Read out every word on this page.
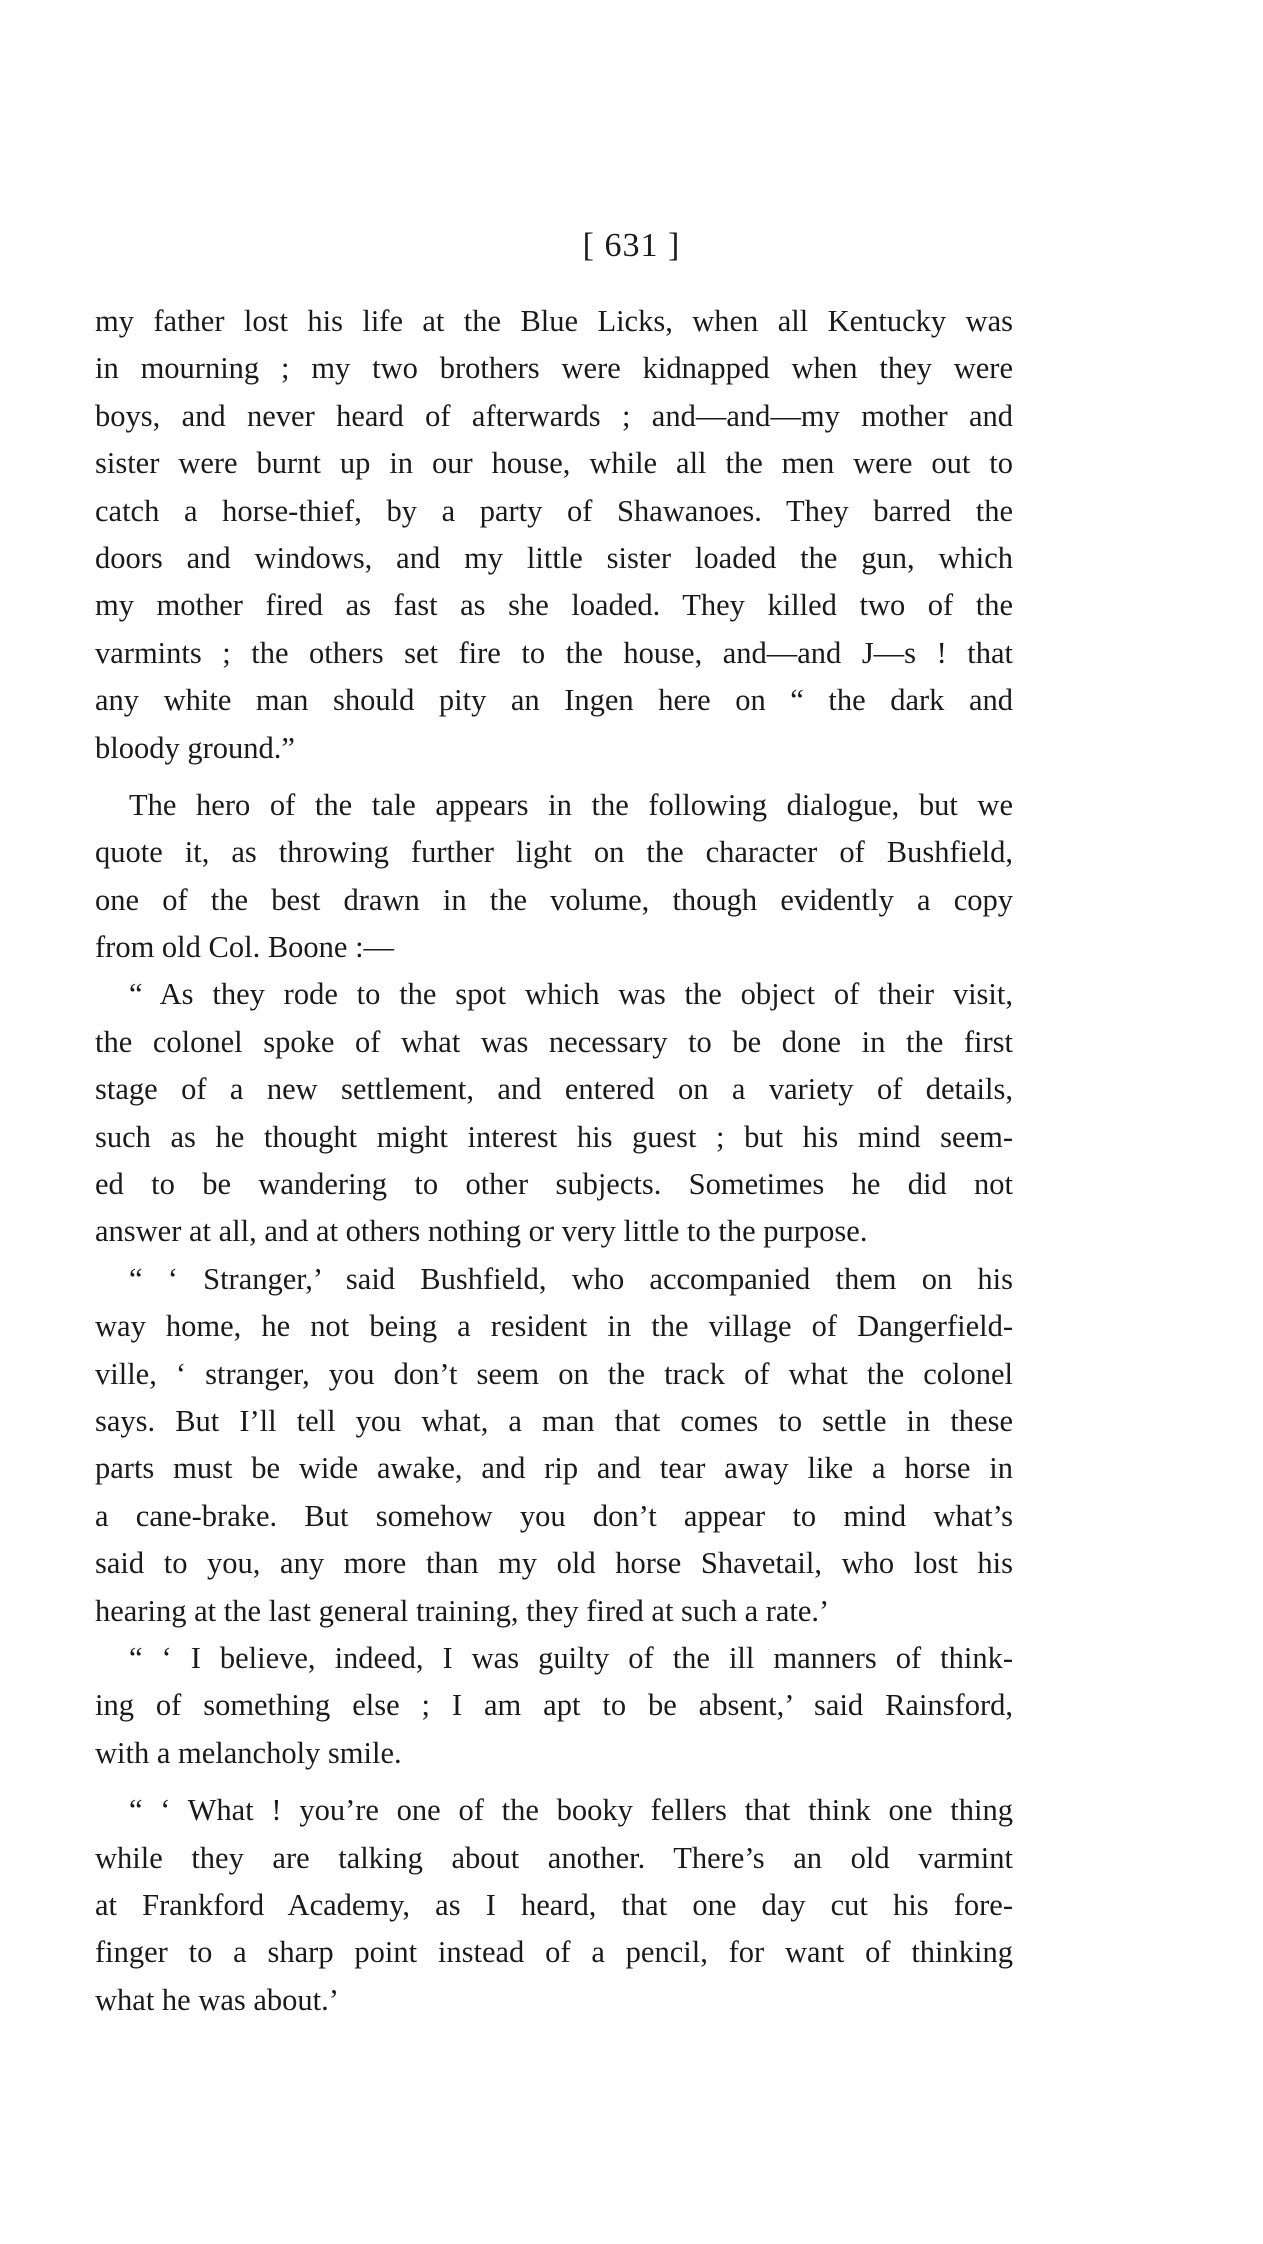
[ 631 ]
my father lost his life at the Blue Licks, when all Kentucky was
in mourning ; my two brothers were kidnapped when they were
boys, and never heard of afterwards ; and—and—my mother and
sister were burnt up in our house, while all the men were out to
catch a horse-thief, by a party of Shawanoes. They barred the
doors and windows, and my little sister loaded the gun, which
my mother fired as fast as she loaded. They killed two of the
varmints ; the others set fire to the house, and—and J—s ! that
any white man should pity an Ingen here on “ the dark and
bloody ground.”
The hero of the tale appears in the following dialogue, but we
quote it, as throwing further light on the character of Bushfield,
one of the best drawn in the volume, though evidently a copy
from old Col. Boone :—
“ As they rode to the spot which was the object of their visit,
the colonel spoke of what was necessary to be done in the first
stage of a new settlement, and entered on a variety of details,
such as he thought might interest his guest ; but his mind seem-
ed to be wandering to other subjects. Sometimes he did not
answer at all, and at others nothing or very little to the purpose.
“ ‘ Stranger,’ said Bushfield, who accompanied them on his
way home, he not being a resident in the village of Dangerfield-
ville, ‘ stranger, you don’t seem on the track of what the colonel
says. But I’ll tell you what, a man that comes to settle in these
parts must be wide awake, and rip and tear away like a horse in
a cane-brake. But somehow you don’t appear to mind what’s
said to you, any more than my old horse Shavetail, who lost his
hearing at the last general training, they fired at such a rate.’
“ ‘ I believe, indeed, I was guilty of the ill manners of think-
ing of something else ; I am apt to be absent,’ said Rainsford,
with a melancholy smile.
“ ‘ What ! you’re one of the booky fellers that think one thing
while they are talking about another. There’s an old varmint
at Frankford Academy, as I heard, that one day cut his fore-
finger to a sharp point instead of a pencil, for want of thinking
what he was about.’
